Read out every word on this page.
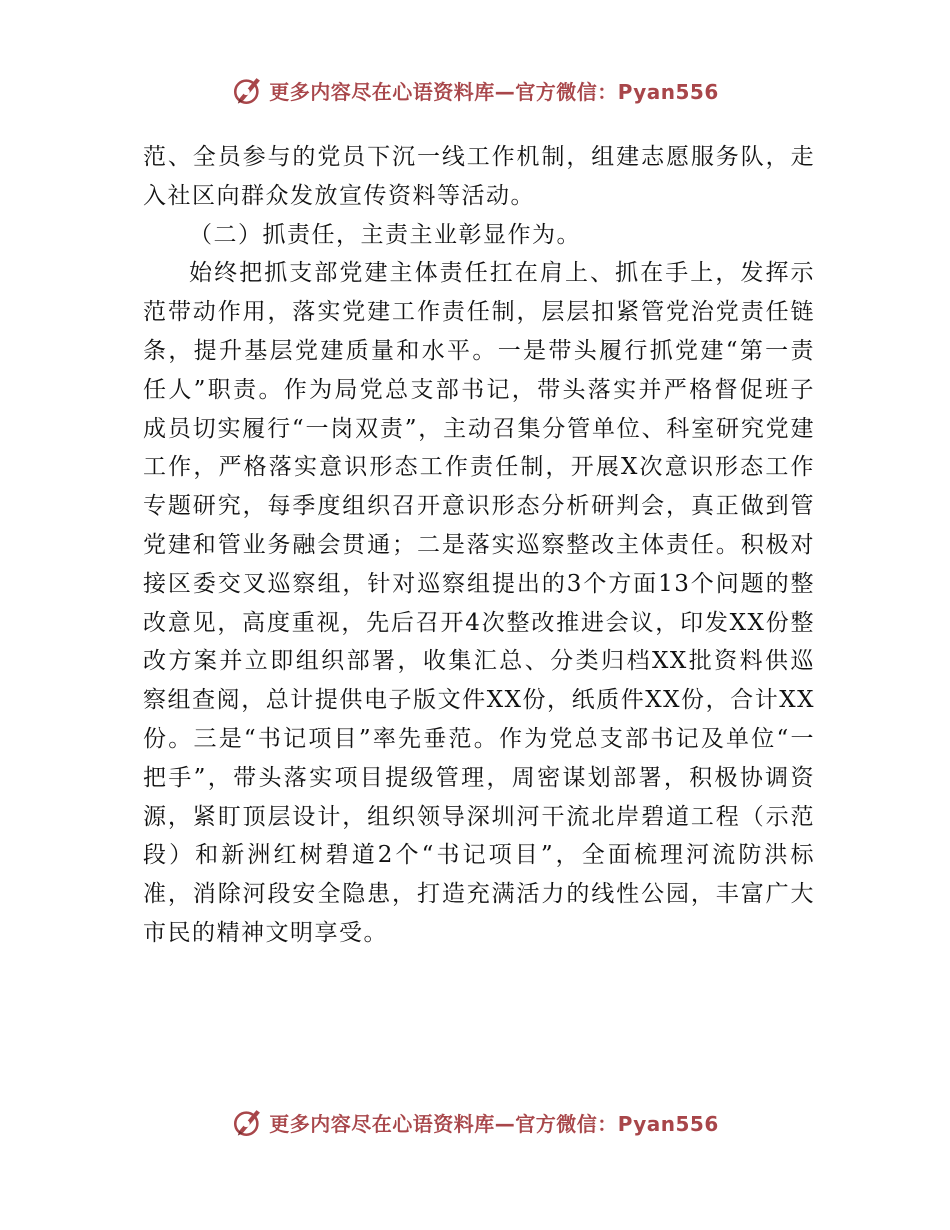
更多内容尽在心语资料库—官方微信：Pyan556

范、全员参与的党员下沉一线工作机制，组建志愿服务队，走入社区向群众发放宣传资料等活动。

（二）抓责任，主责主业彰显作为。

始终把抓支部党建主体责任扛在肩上、抓在手上，发挥示范带动作用，落实党建工作责任制，层层扣紧管党治党责任链条，提升基层党建质量和水平。一是带头履行抓党建“第一责任人”职责。作为局党总支部书记，带头落实并严格督促班子成员切实履行“一岗双责”，主动召集分管单位、科室研究党建工作，严格落实意识形态工作责任制，开展X次意识形态工作专题研究，每季度组织召开意识形态分析研判会，真正做到管党建和管业务融会贯通；二是落实巡察整改主体责任。积极对接区委交叉巡察组，针对巡察组提出的3个方面13个问题的整改意见，高度重视，先后召开4次整改推进会议，印发XX份整改方案并立即组织部署，收集汇总、分类归档XX批资料供巡察组查阅，总计提供电子版文件XX份，纸质件XX份，合计XX份。三是“书记项目”率先垂范。作为党总支部书记及单位“一把手”，带头落实项目提级管理，周密谋划部署，积极协调资源，紧盯顶层设计，组织领导深圳河干流北岸碧道工程（示范段）和新洲红树碧道2个“书记项目”，全面梳理河流防洪标准，消除河段安全隐患，打造充满活力的线性公园，丰富广大市民的精神文明享受。

更多内容尽在心语资料库—官方微信：Pyan556
